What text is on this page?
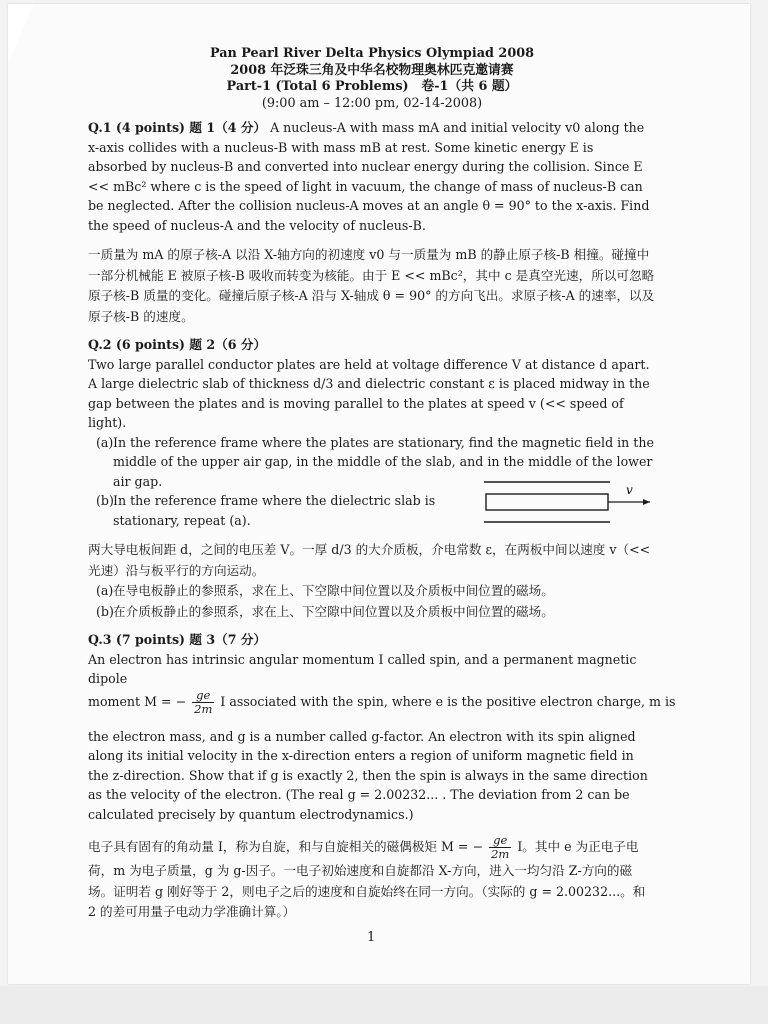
Pan Pearl River Delta Physics Olympiad 2008
2008 年泛珠三角及中华名校物理奥林匹克邀请赛
Part-1 (Total 6 Problems)　卷-1（共 6 题）
(9:00 am – 12:00 pm, 02-14-2008)

Q.1 (4 points) 题 1（4 分） A nucleus-A with mass mA and initial velocity v0 along the x-axis collides with a nucleus-B with mass mB at rest. Some kinetic energy E is absorbed by nucleus-B and converted into nuclear energy during the collision. Since E << mBc² where c is the speed of light in vacuum, the change of mass of nucleus-B can be neglected. After the collision nucleus-A moves at an angle θ = 90° to the x-axis. Find the speed of nucleus-A and the velocity of nucleus-B.

一质量为 mA 的原子核-A 以沿 X-轴方向的初速度 v0 与一质量为 mB 的静止原子核-B 相撞。碰撞中一部分机械能 E 被原子核-B 吸收而转变为核能。由于 E << mBc²，其中 c 是真空光速，所以可忽略原子核-B 质量的变化。碰撞后原子核-A 沿与 X-轴成 θ = 90° 的方向飞出。求原子核-A 的速率，以及原子核-B 的速度。

Q.2 (6 points) 题 2（6 分）

Two large parallel conductor plates are held at voltage difference V at distance d apart. A large dielectric slab of thickness d/3 and dielectric constant ε is placed midway in the gap between the plates and is moving parallel to the plates at speed v (<< speed of light).

(a) In the reference frame where the plates are stationary, find the magnetic field in the middle of the upper air gap, in the middle of the slab, and in the middle of the lower air gap.
(b) In the reference frame where the dielectric slab is stationary, repeat (a).

两大导电板间距 d，之间的电压差 V。一厚 d/3 的大介质板，介电常数 ε，在两板中间以速度 v（<<光速）沿与板平行的方向运动。

(a) 在导电板静止的参照系，求在上、下空隙中间位置以及介质板中间位置的磁场。
(b) 在介质板静止的参照系，求在上、下空隙中间位置以及介质板中间位置的磁场。

Q.3 (7 points) 题 3（7 分）

An electron has intrinsic angular momentum I called spin, and a permanent magnetic dipole

moment M = − $\frac{ge}{2m}$ I associated with the spin, where e is the positive electron charge, m is

the electron mass, and g is a number called g-factor. An electron with its spin aligned along its initial velocity in the x-direction enters a region of uniform magnetic field in the z-direction. Show that if g is exactly 2, then the spin is always in the same direction as the velocity of the electron. (The real g = 2.00232... . The deviation from 2 can be calculated precisely by quantum electrodynamics.)

电子具有固有的角动量 I，称为自旋，和与自旋相关的磁偶极矩 M = − $\frac{ge}{2m}$ I。其中 e 为正电子电荷，m 为电子质量，g 为 g-因子。一电子初始速度和自旋都沿 X-方向，进入一均匀沿 Z-方向的磁场。证明若 g 刚好等于 2，则电子之后的速度和自旋始终在同一方向。（实际的 g = 2.00232...。和 2 的差可用量子电动力学准确计算。）

v
1
